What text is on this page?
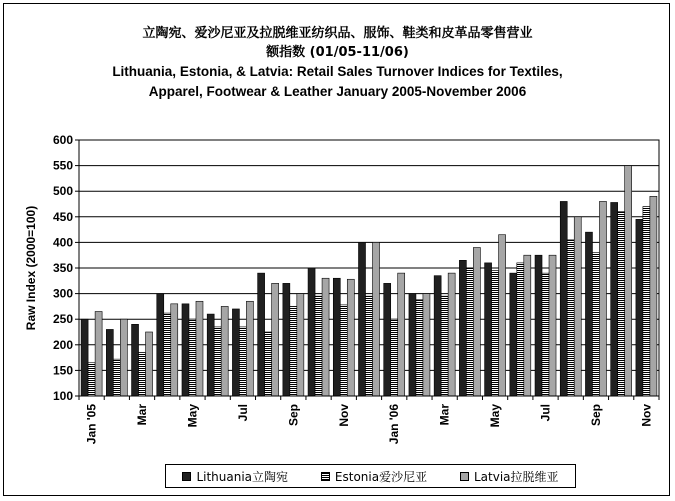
立陶宛、爱沙尼亚及拉脱维亚纺织品、服饰、鞋类和皮革品零售营业
额指数 (01/05-11/06)
Lithuania, Estonia, & Latvia: Retail Sales Turnover Indices for Textiles,
Apparel, Footwear & Leather January 2005-November 2006
100
150
200
250
300
350
400
450
500
550
600
Jan '05	Mar	May	Jul	Sep	Nov	Jan '06	Mar	May	Jul	Sep	Nov
Raw Index (2000=100)
Lithuania立陶宛	Estonia爱沙尼亚	Latvia拉脱维亚
